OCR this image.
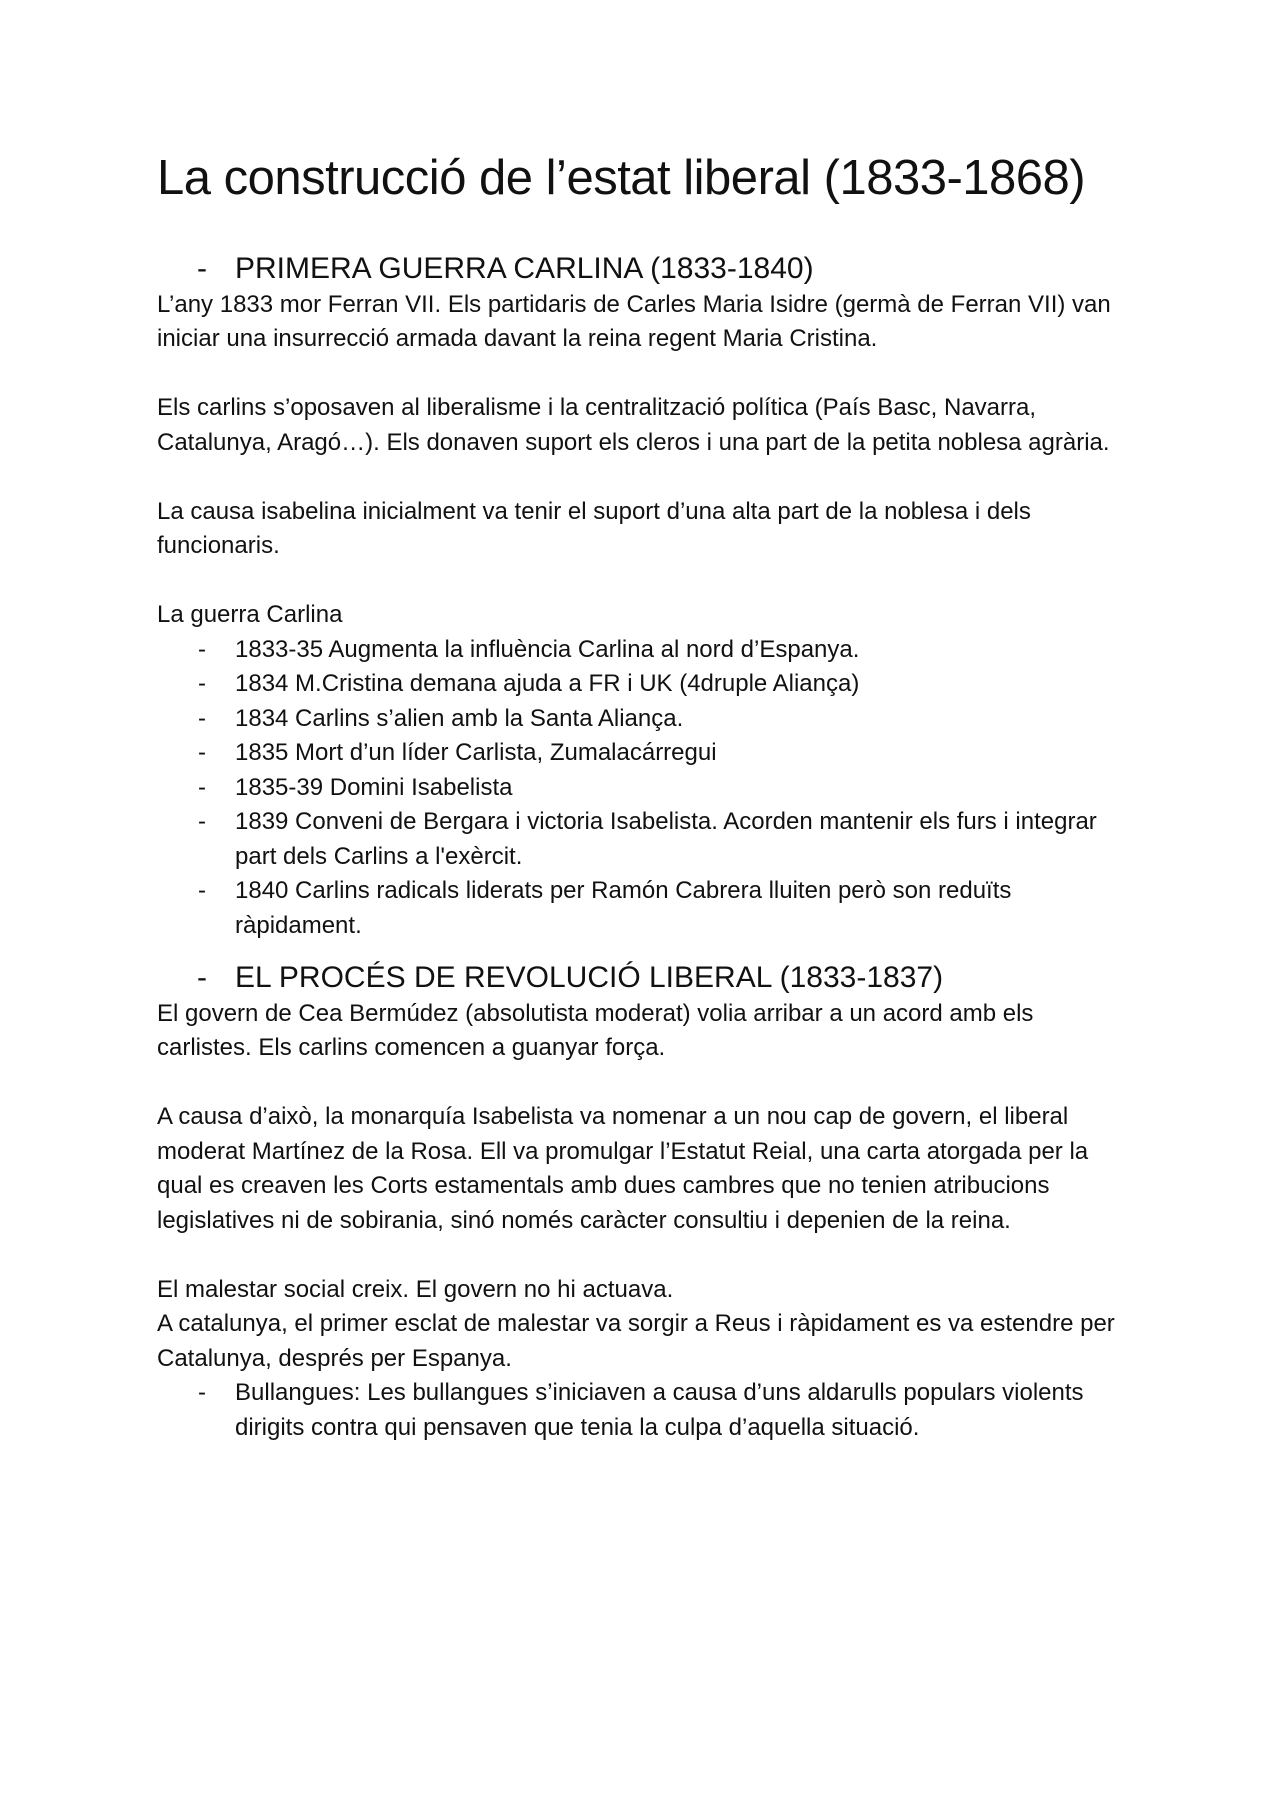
La construcció de l’estat liberal (1833-1868)
- PRIMERA GUERRA CARLINA (1833-1840)

L’any 1833 mor Ferran VII. Els partidaris de Carles Maria Isidre (germà de Ferran VII) van iniciar una insurrecció armada davant la reina regent Maria Cristina.

Els carlins s’oposaven al liberalisme i la centralització política (País Basc, Navarra, Catalunya, Aragó…). Els donaven suport els cleros i una part de la petita noblesa agrària.

La causa isabelina inicialment va tenir el suport d’una alta part de la noblesa i dels funcionaris.

La guerra Carlina

- 1833-35 Augmenta la influència Carlina al nord d’Espanya.
- 1834 M.Cristina demana ajuda a FR i UK (4druple Aliança)
- 1834 Carlins s’alien amb la Santa Aliança.
- 1835 Mort d’un líder Carlista, Zumalacárregui
- 1835-39 Domini Isabelista
- 1839 Conveni de Bergara i victoria Isabelista. Acorden mantenir els furs i integrar part dels Carlins a l'exèrcit.
- 1840 Carlins radicals liderats per Ramón Cabrera lluiten però son reduïts ràpidament.
- EL PROCÉS DE REVOLUCIÓ LIBERAL (1833-1837)

El govern de Cea Bermúdez (absolutista moderat) volia arribar a un acord amb els carlistes. Els carlins comencen a guanyar força.

A causa d’això, la monarquía Isabelista va nomenar a un nou cap de govern, el liberal moderat Martínez de la Rosa. Ell va promulgar l’Estatut Reial, una carta atorgada per la qual es creaven les Corts estamentals amb dues cambres que no tenien atribucions legislatives ni de sobirania, sinó només caràcter consultiu i depenien de la reina.

El malestar social creix. El govern no hi actuava.

A catalunya, el primer esclat de malestar va sorgir a Reus i ràpidament es va estendre per Catalunya, després per Espanya.

- Bullangues: Les bullangues s’iniciaven a causa d’uns aldarulls populars violents dirigits contra qui pensaven que tenia la culpa d’aquella situació.
